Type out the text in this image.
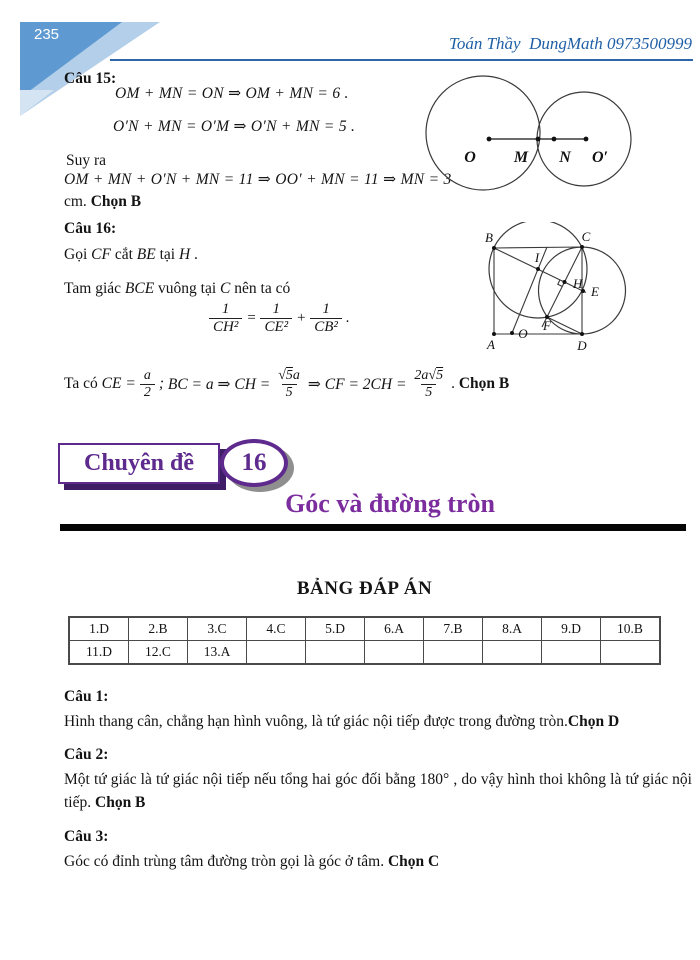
235	Toán Thầy  DungMath 0973500999
Câu 15:
OM + MN = ON ⇒ OM + MN = 6 .
O′N + MN = O′M ⇒ O′N + MN = 5 .
Suy ra
OM + MN + O′N + MN = 11 ⇒ OO′ + MN = 11 ⇒ MN = 3
cm. Chọn B
O M N O′
Câu 16:
Gọi CF cắt BE tại H .
Tam giác BCE vuông tại C nên ta có
$\frac{1}{\text{CH²}} = \frac{1}{\text{CE²}} + \frac{1}{\text{CB²}}$ .
B	C
A	D
O
I
H
E
F
Ta có CE = $\frac{a}{2}$ ; BC = a ⇒ CH = $\frac{√5a}{5}$ ⇒ CF = $2CH = \frac{2a√5}{5}$ . Chọn B
Chuyên đề 16
Góc và đường tròn
BẢNG ĐÁP ÁN
1.D	2.B	3.C	4.C	5.D	6.A	7.B	8.A	9.D	10.B
11.D	12.C	13.A							
Câu 1:
Hình thang cân, chẳng hạn hình vuông, là tứ giác nội tiếp được trong đường tròn.Chọn D
Câu 2:
Một tứ giác là tứ giác nội tiếp nếu tổng hai góc đối bằng 180° , do vậy hình thoi không là tứ giác nội tiếp. Chọn B
Câu 3:
Góc có đỉnh trùng tâm đường tròn gọi là góc ở tâm. Chọn C
